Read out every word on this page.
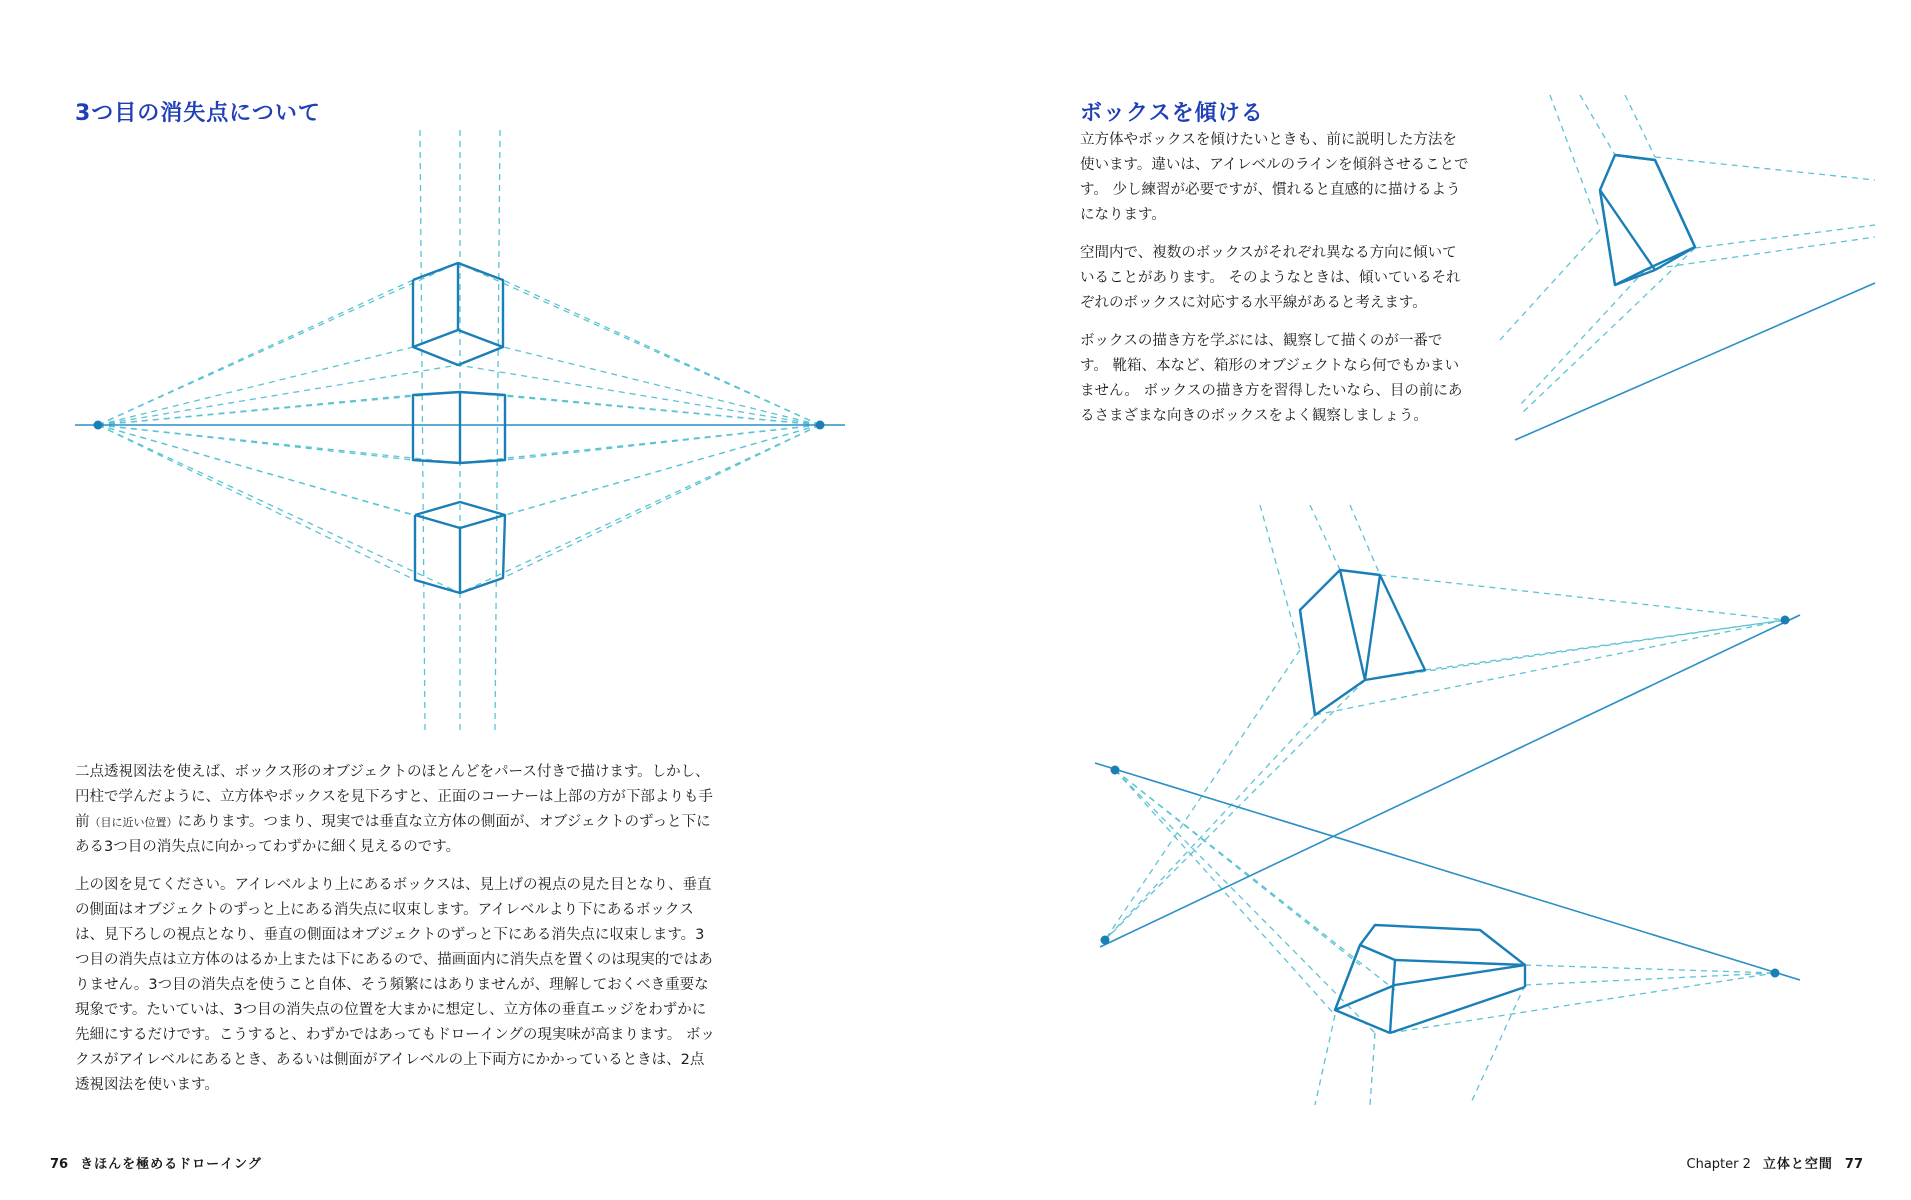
3つ目の消失点について

二点透視図法を使えば、ボックス形のオブジェクトのほとんどをパース付きで描けます。しかし、円柱で学んだように、立方体やボックスを見下ろすと、正面のコーナーは上部の方が下部よりも手前（目に近い位置）にあります。つまり、現実では垂直な立方体の側面が、オブジェクトのずっと下にある3つ目の消失点に向かってわずかに細く見えるのです。

上の図を見てください。アイレベルより上にあるボックスは、見上げの視点の見た目となり、垂直の側面はオブジェクトのずっと上にある消失点に収束します。アイレベルより下にあるボックスは、見下ろしの視点となり、垂直の側面はオブジェクトのずっと下にある消失点に収束します。3つ目の消失点は立方体のはるか上または下にあるので、描画面内に消失点を置くのは現実的ではありません。3つ目の消失点を使うこと自体、そう頻繁にはありませんが、理解しておくべき重要な現象です。たいていは、3つ目の消失点の位置を大まかに想定し、立方体の垂直エッジをわずかに先細にするだけです。こうすると、わずかではあってもドローイングの現実味が高まります。 ボックスがアイレベルにあるとき、あるいは側面がアイレベルの上下両方にかかっているときは、2点透視図法を使います。

76 きほんを極めるドローイング
ボックスを傾ける

立方体やボックスを傾けたいときも、前に説明した方法を使います。違いは、アイレベルのラインを傾斜させることです。 少し練習が必要ですが、慣れると直感的に描けるようになります。

空間内で、複数のボックスがそれぞれ異なる方向に傾いていることがあります。 そのようなときは、傾いているそれぞれのボックスに対応する水平線があると考えます。

ボックスの描き方を学ぶには、観察して描くのが一番です。 靴箱、本など、箱形のオブジェクトなら何でもかまいません。 ボックスの描き方を習得したいなら、目の前にあるさまざまな向きのボックスをよく観察しましょう。

Chapter 2 立体と空間 77
